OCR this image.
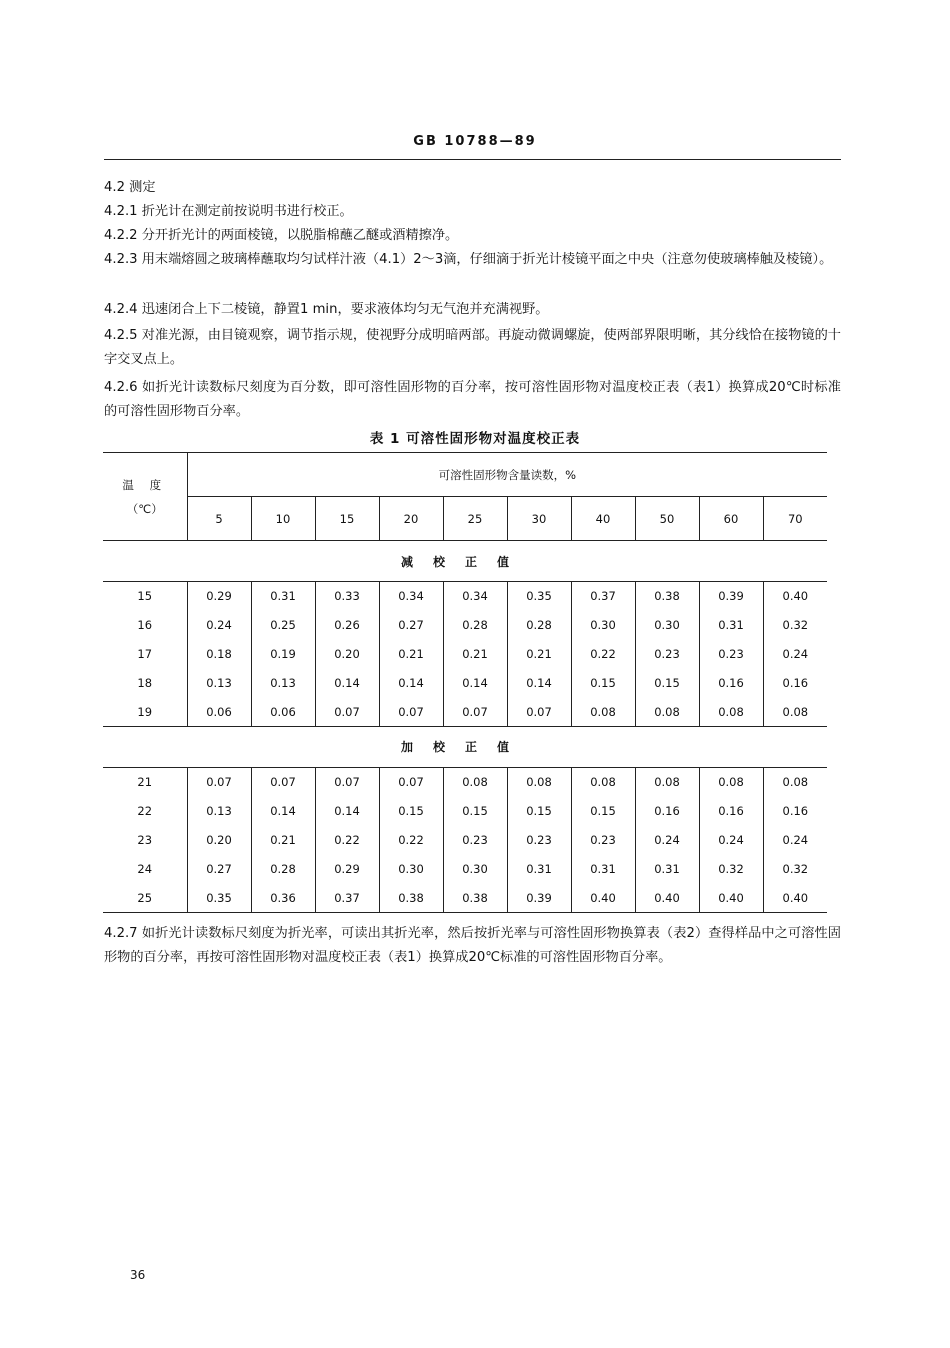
GB 10788—89
4.2 测定
4.2.1 折光计在测定前按说明书进行校正。
4.2.2 分开折光计的两面棱镜，以脱脂棉蘸乙醚或酒精擦净。
4.2.3 用末端熔圆之玻璃棒蘸取均匀试样汁液（4.1）2～3滴，仔细滴于折光计棱镜平面之中央（注意勿使玻璃棒触及棱镜）。
4.2.4 迅速闭合上下二棱镜，静置1 min，要求液体均匀无气泡并充满视野。
4.2.5 对准光源，由目镜观察，调节指示规，使视野分成明暗两部。再旋动微调螺旋，使两部界限明晰，其分线恰在接物镜的十字交叉点上。
4.2.6 如折光计读数标尺刻度为百分数，即可溶性固形物的百分率，按可溶性固形物对温度校正表（表1）换算成20℃时标准的可溶性固形物百分率。
表 1 可溶性固形物对温度校正表
温 度
（℃）	可溶性固形物含量读数，%									
	5	10	15	20	25	30	40	50	60	70
减校正值										
15	0.29	0.31	0.33	0.34	0.34	0.35	0.37	0.38	0.39	0.40
16	0.24	0.25	0.26	0.27	0.28	0.28	0.30	0.30	0.31	0.32
17	0.18	0.19	0.20	0.21	0.21	0.21	0.22	0.23	0.23	0.24
18	0.13	0.13	0.14	0.14	0.14	0.14	0.15	0.15	0.16	0.16
19	0.06	0.06	0.07	0.07	0.07	0.07	0.08	0.08	0.08	0.08
加校正值										
21	0.07	0.07	0.07	0.07	0.08	0.08	0.08	0.08	0.08	0.08
22	0.13	0.14	0.14	0.15	0.15	0.15	0.15	0.16	0.16	0.16
23	0.20	0.21	0.22	0.22	0.23	0.23	0.23	0.24	0.24	0.24
24	0.27	0.28	0.29	0.30	0.30	0.31	0.31	0.31	0.32	0.32
25	0.35	0.36	0.37	0.38	0.38	0.39	0.40	0.40	0.40	0.40
4.2.7 如折光计读数标尺刻度为折光率，可读出其折光率，然后按折光率与可溶性固形物换算表（表2）查得样品中之可溶性固形物的百分率，再按可溶性固形物对温度校正表（表1）换算成20℃标准的可溶性固形物百分率。
36
